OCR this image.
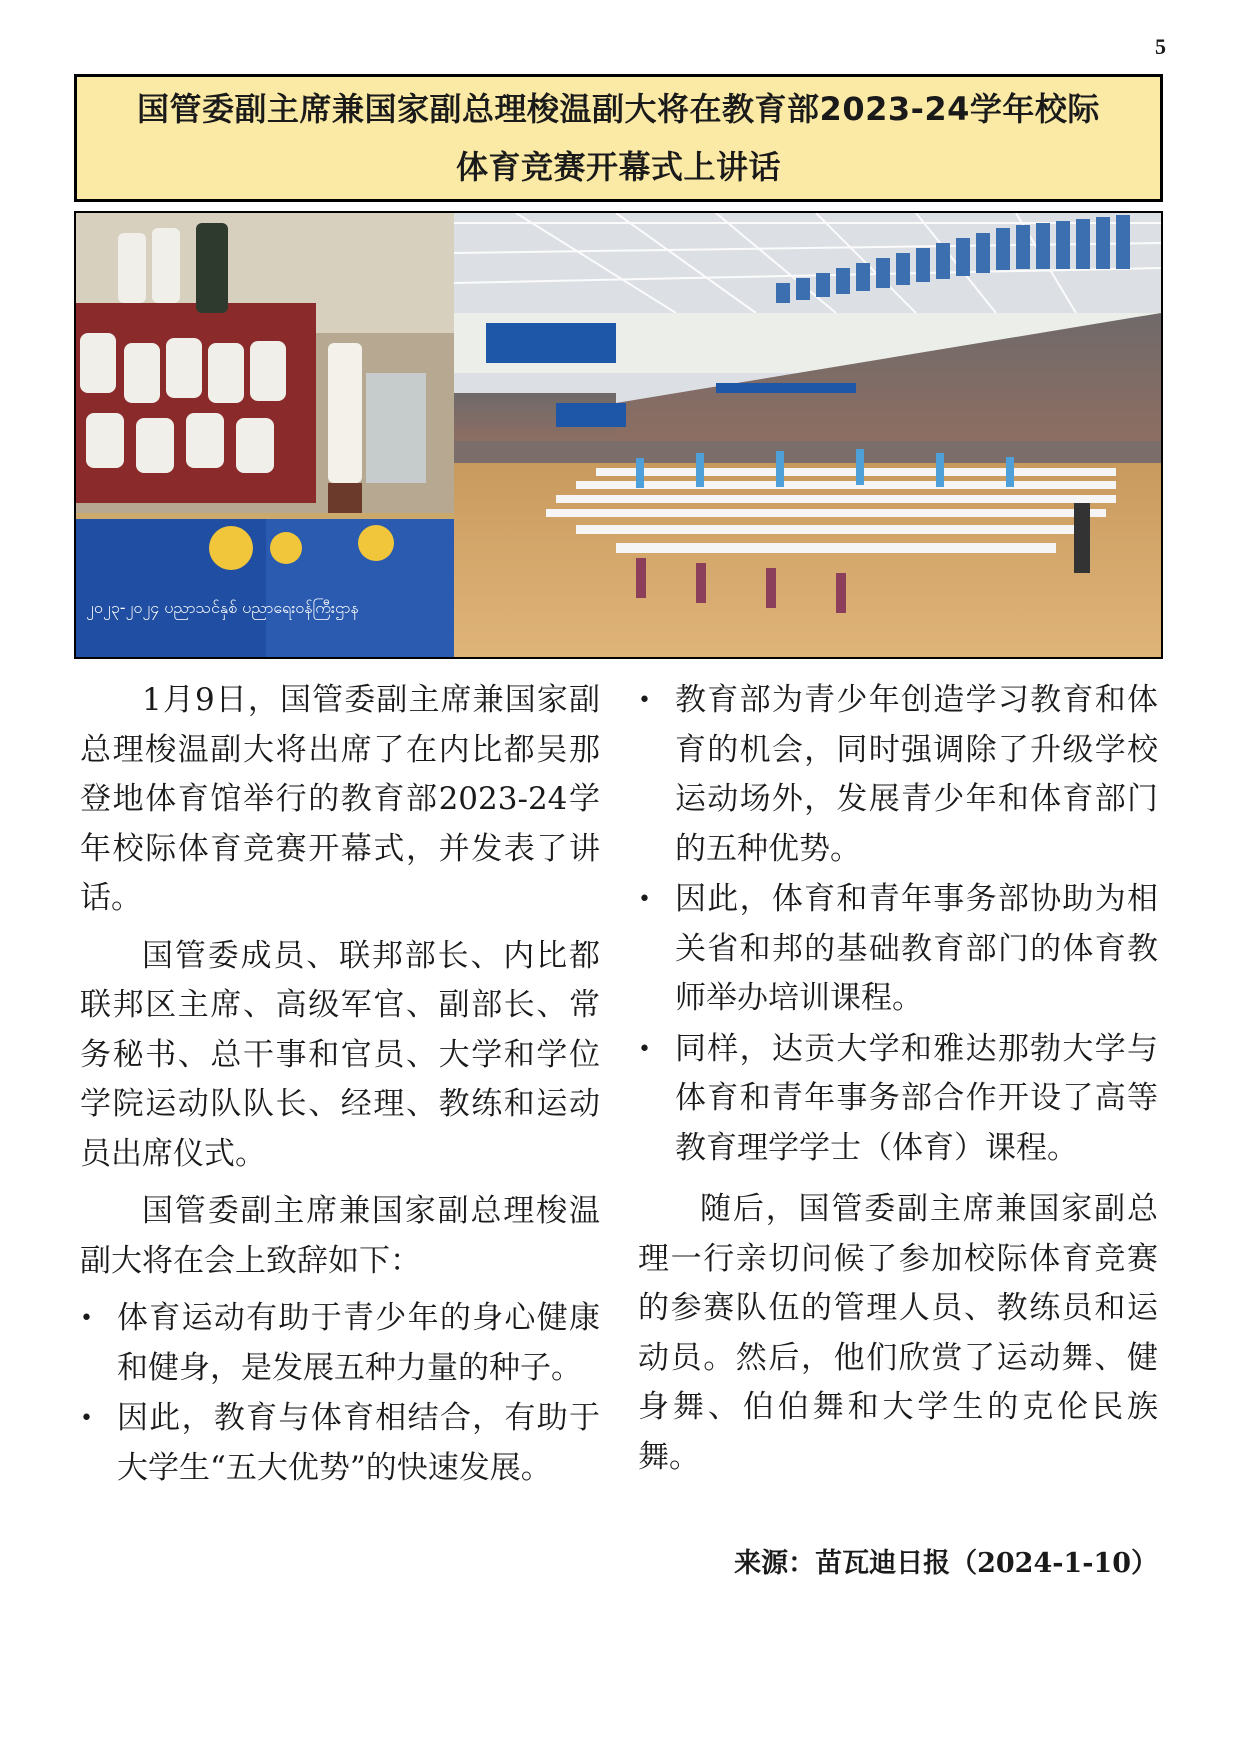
5
国管委副主席兼国家副总理梭温副大将在教育部2023-24学年校际
体育竞赛开幕式上讲话
၂၀၂၃-၂၀၂၄ ပညာသင်နှစ် ပညာရေးဝန်ကြီးဌာန

1月9日，国管委副主席兼国家副总理梭温副大将出席了在内比都吴那登地体育馆举行的教育部2023-24学年校际体育竞赛开幕式，并发表了讲话。

国管委成员、联邦部长、内比都联邦区主席、高级军官、副部长、常务秘书、总干事和官员、大学和学位学院运动队队长、经理、教练和运动员出席仪式。

国管委副主席兼国家副总理梭温副大将在会上致辞如下：

• 体育运动有助于青少年的身心健康和健身，是发展五种力量的种子。
• 因此，教育与体育相结合，有助于大学生“五大优势”的快速发展。
• 教育部为青少年创造学习教育和体育的机会，同时强调除了升级学校运动场外，发展青少年和体育部门的五种优势。
• 因此，体育和青年事务部协助为相关省和邦的基础教育部门的体育教师举办培训课程。
• 同样，达贡大学和雅达那勃大学与体育和青年事务部合作开设了高等教育理学学士（体育）课程。

随后，国管委副主席兼国家副总理一行亲切问候了参加校际体育竞赛的参赛队伍的管理人员、教练员和运动员。然后，他们欣赏了运动舞、健身舞、伯伯舞和大学生的克伦民族舞。

来源：苗瓦迪日报（2024-1-10）
